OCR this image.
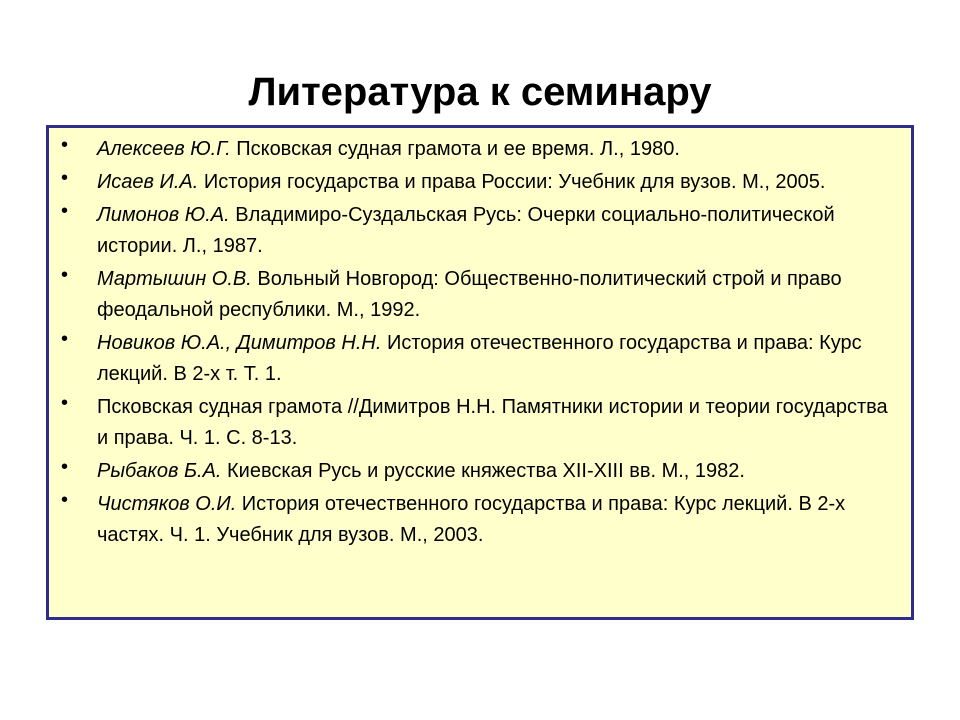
Литература к семинару
• Алексеев Ю.Г. Псковская судная грамота и ее время. Л., 1980.
• Исаев И.А. История государства и права России: Учебник для вузов. М., 2005.
• Лимонов Ю.А. Владимиро-Суздальская Русь: Очерки социально-политической истории. Л., 1987.
• Мартышин О.В. Вольный Новгород: Общественно-политический строй и право феодальной республики. М., 1992.
• Новиков Ю.А., Димитров Н.Н. История отечественного государства и права: Курс лекций. В 2-х т. Т. 1.
• Псковская судная грамота //Димитров Н.Н. Памятники истории и теории государства и права. Ч. 1. С. 8-13.
• Рыбаков Б.А. Киевская Русь и русские княжества XII-XIII вв. М., 1982.
• Чистяков О.И. История отечественного государства и права: Курс лекций. В 2-х частях. Ч. 1. Учебник для вузов. М., 2003.
